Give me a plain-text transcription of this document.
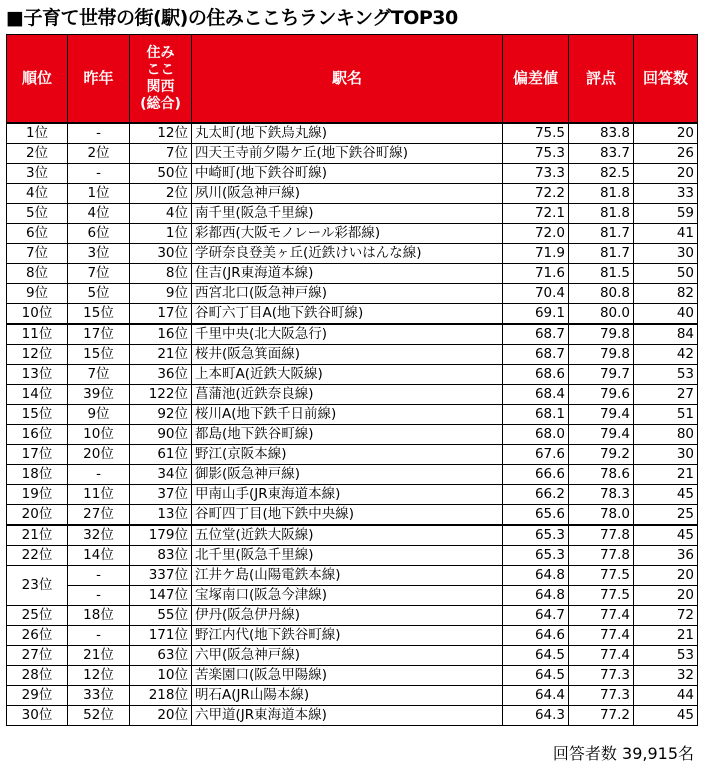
■子育て世帯の街(駅)の住みここちランキングTOP30
順位	昨年	住み
ここ
関西
(総合)	駅名	偏差値	評点	回答数
1位	-	12位	丸太町(地下鉄烏丸線)	75.5	83.8	20
2位	2位	7位	四天王寺前夕陽ケ丘(地下鉄谷町線)	75.3	83.7	26
3位	-	50位	中崎町(地下鉄谷町線)	73.3	82.5	20
4位	1位	2位	夙川(阪急神戸線)	72.2	81.8	33
5位	4位	4位	南千里(阪急千里線)	72.1	81.8	59
6位	6位	1位	彩都西(大阪モノレール彩都線)	72.0	81.7	41
7位	3位	30位	学研奈良登美ヶ丘(近鉄けいはんな線)	71.9	81.7	30
8位	7位	8位	住吉(JR東海道本線)	71.6	81.5	50
9位	5位	9位	西宮北口(阪急神戸線)	70.4	80.8	82
10位	15位	17位	谷町六丁目A(地下鉄谷町線)	69.1	80.0	40
11位	17位	16位	千里中央(北大阪急行)	68.7	79.8	84
12位	15位	21位	桜井(阪急箕面線)	68.7	79.8	42
13位	7位	36位	上本町A(近鉄大阪線)	68.6	79.7	53
14位	39位	122位	菖蒲池(近鉄奈良線)	68.4	79.6	27
15位	9位	92位	桜川A(地下鉄千日前線)	68.1	79.4	51
16位	10位	90位	都島(地下鉄谷町線)	68.0	79.4	80
17位	20位	61位	野江(京阪本線)	67.6	79.2	30
18位	-	34位	御影(阪急神戸線)	66.6	78.6	21
19位	11位	37位	甲南山手(JR東海道本線)	66.2	78.3	45
20位	27位	13位	谷町四丁目(地下鉄中央線)	65.6	78.0	25
21位	32位	179位	五位堂(近鉄大阪線)	65.3	77.8	45
22位	14位	83位	北千里(阪急千里線)	65.3	77.8	36
23位	-	337位	江井ケ島(山陽電鉄本線)	64.8	77.5	20
	-	147位	宝塚南口(阪急今津線)	64.8	77.5	20
25位	18位	55位	伊丹(阪急伊丹線)	64.7	77.4	72
26位	-	171位	野江内代(地下鉄谷町線)	64.6	77.4	21
27位	21位	63位	六甲(阪急神戸線)	64.5	77.4	53
28位	12位	10位	苦楽園口(阪急甲陽線)	64.5	77.3	32
29位	33位	218位	明石A(JR山陽本線)	64.4	77.3	44
30位	52位	20位	六甲道(JR東海道本線)	64.3	77.2	45
回答者数 39,915名
